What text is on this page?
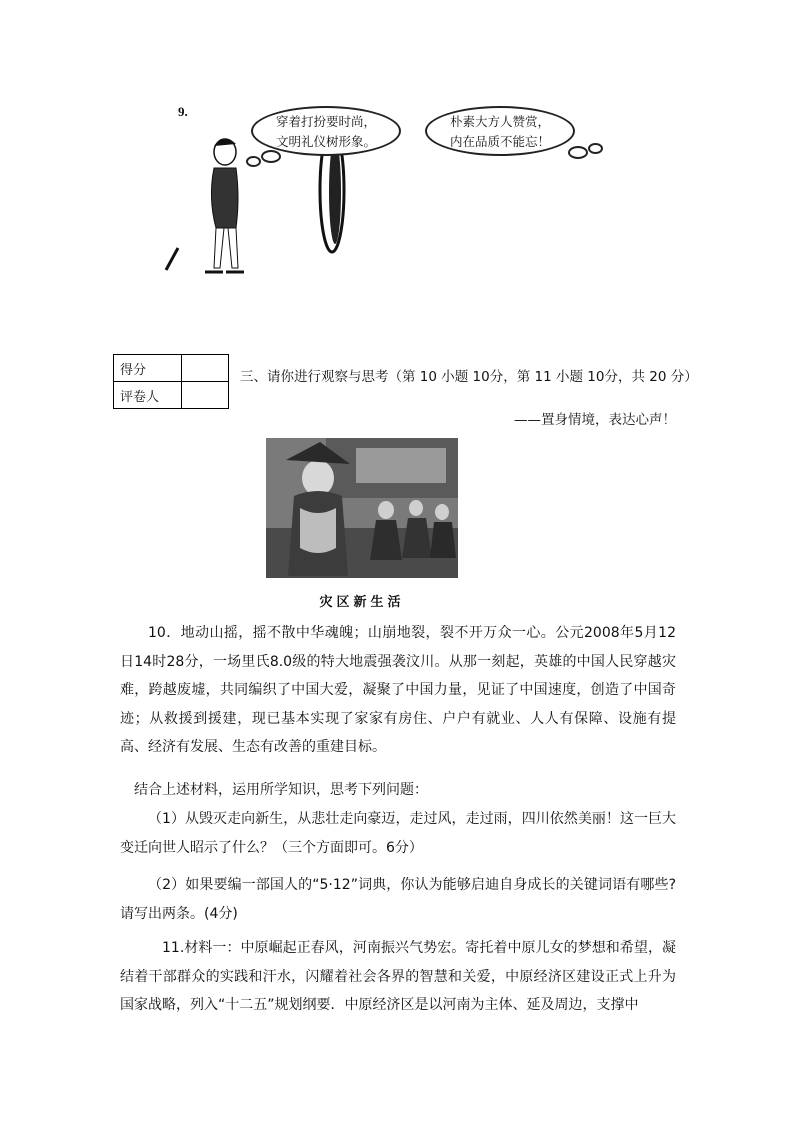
9.
穿着打扮要时尚，
文明礼仪树形象。
朴素大方人赞赏，
内在品质不能忘！
得分	
评卷人	
三、请你进行观察与思考（第 10 小题 10分，第 11 小题 10分，共 20 分）
——置身情境，表达心声！
灾区新生活
10．地动山摇，摇不散中华魂魄；山崩地裂，裂不开万众一心。公元2008年5月12日14时28分，一场里氏8.0级的特大地震强袭汶川。从那一刻起，英雄的中国人民穿越灾难，跨越废墟，共同编织了中国大爱，凝聚了中国力量，见证了中国速度，创造了中国奇迹；从救援到援建，现已基本实现了家家有房住、户户有就业、人人有保障、设施有提高、经济有发展、生态有改善的重建目标。
结合上述材料，运用所学知识，思考下列问题：
（1）从毁灭走向新生，从悲壮走向豪迈，走过风，走过雨，四川依然美丽！这一巨大变迁向世人昭示了什么？（三个方面即可。6分）
（2）如果要编一部国人的“5·12”词典，你认为能够启迪自身成长的关键词语有哪些?请写出两条。(4分)
11.材料一：中原崛起正春风，河南振兴气势宏。寄托着中原儿女的梦想和希望，凝结着干部群众的实践和汗水，闪耀着社会各界的智慧和关爱，中原经济区建设正式上升为国家战略，列入“十二五”规划纲要．中原经济区是以河南为主体、延及周边，支撑中
